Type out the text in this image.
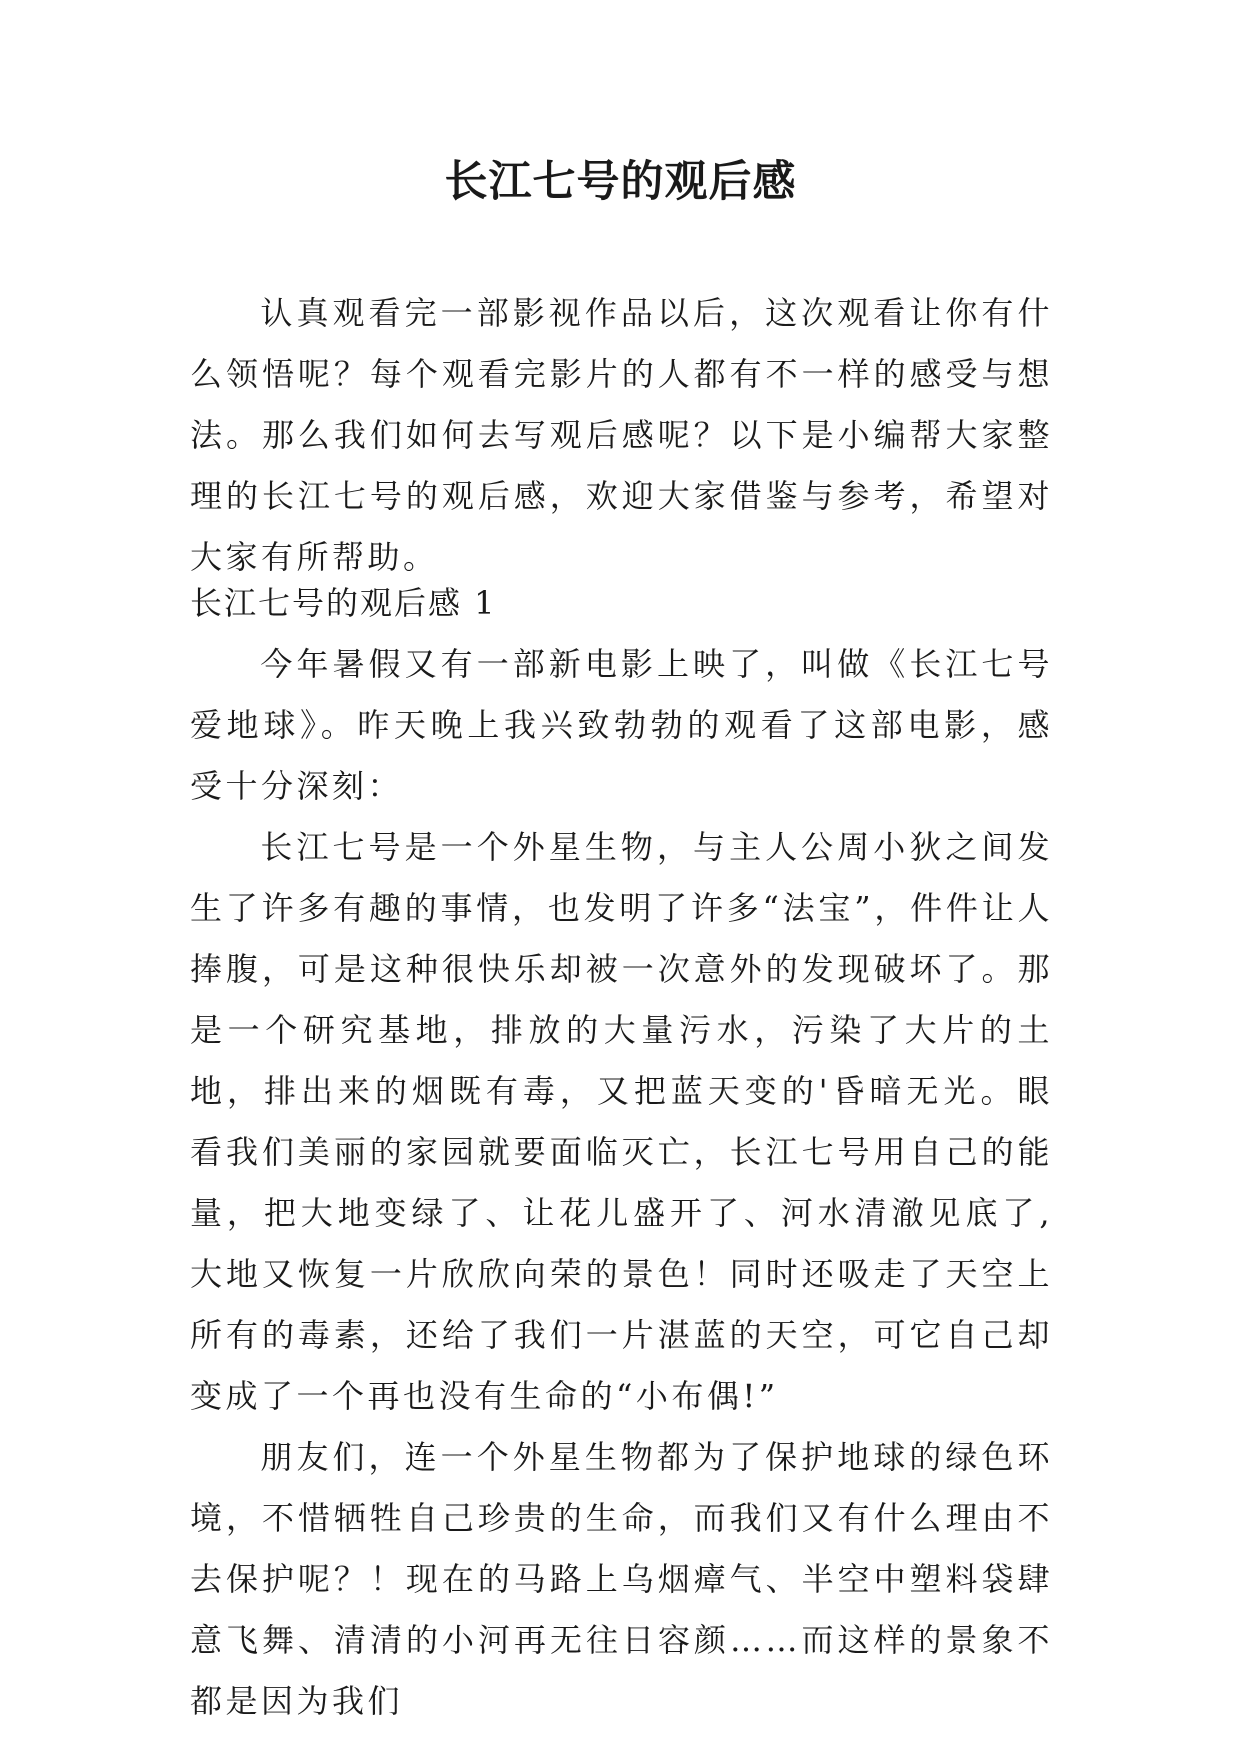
长江七号的观后感

认真观看完一部影视作品以后，这次观看让你有什么领悟呢？每个观看完影片的人都有不一样的感受与想法。那么我们如何去写观后感呢？以下是小编帮大家整理的长江七号的观后感，欢迎大家借鉴与参考，希望对大家有所帮助。

长江七号的观后感 1

今年暑假又有一部新电影上映了，叫做《长江七号爱地球》。昨天晚上我兴致勃勃的观看了这部电影，感受十分深刻：

长江七号是一个外星生物，与主人公周小狄之间发生了许多有趣的事情，也发明了许多“法宝”，件件让人捧腹，可是这种很快乐却被一次意外的发现破坏了。那是一个研究基地，排放的大量污水，污染了大片的土地，排出来的烟既有毒，又把蓝天变的'昏暗无光。眼看我们美丽的家园就要面临灭亡，长江七号用自己的能量，把大地变绿了、让花儿盛开了、河水清澈见底了,大地又恢复一片欣欣向荣的景色！同时还吸走了天空上所有的毒素，还给了我们一片湛蓝的天空，可它自己却变成了一个再也没有生命的“小布偶!”

朋友们，连一个外星生物都为了保护地球的绿色环境，不惜牺牲自己珍贵的生命，而我们又有什么理由不去保护呢？！现在的马路上乌烟瘴气、半空中塑料袋肆意飞舞、清清的小河再无往日容颜……而这样的景象不都是因为我们
